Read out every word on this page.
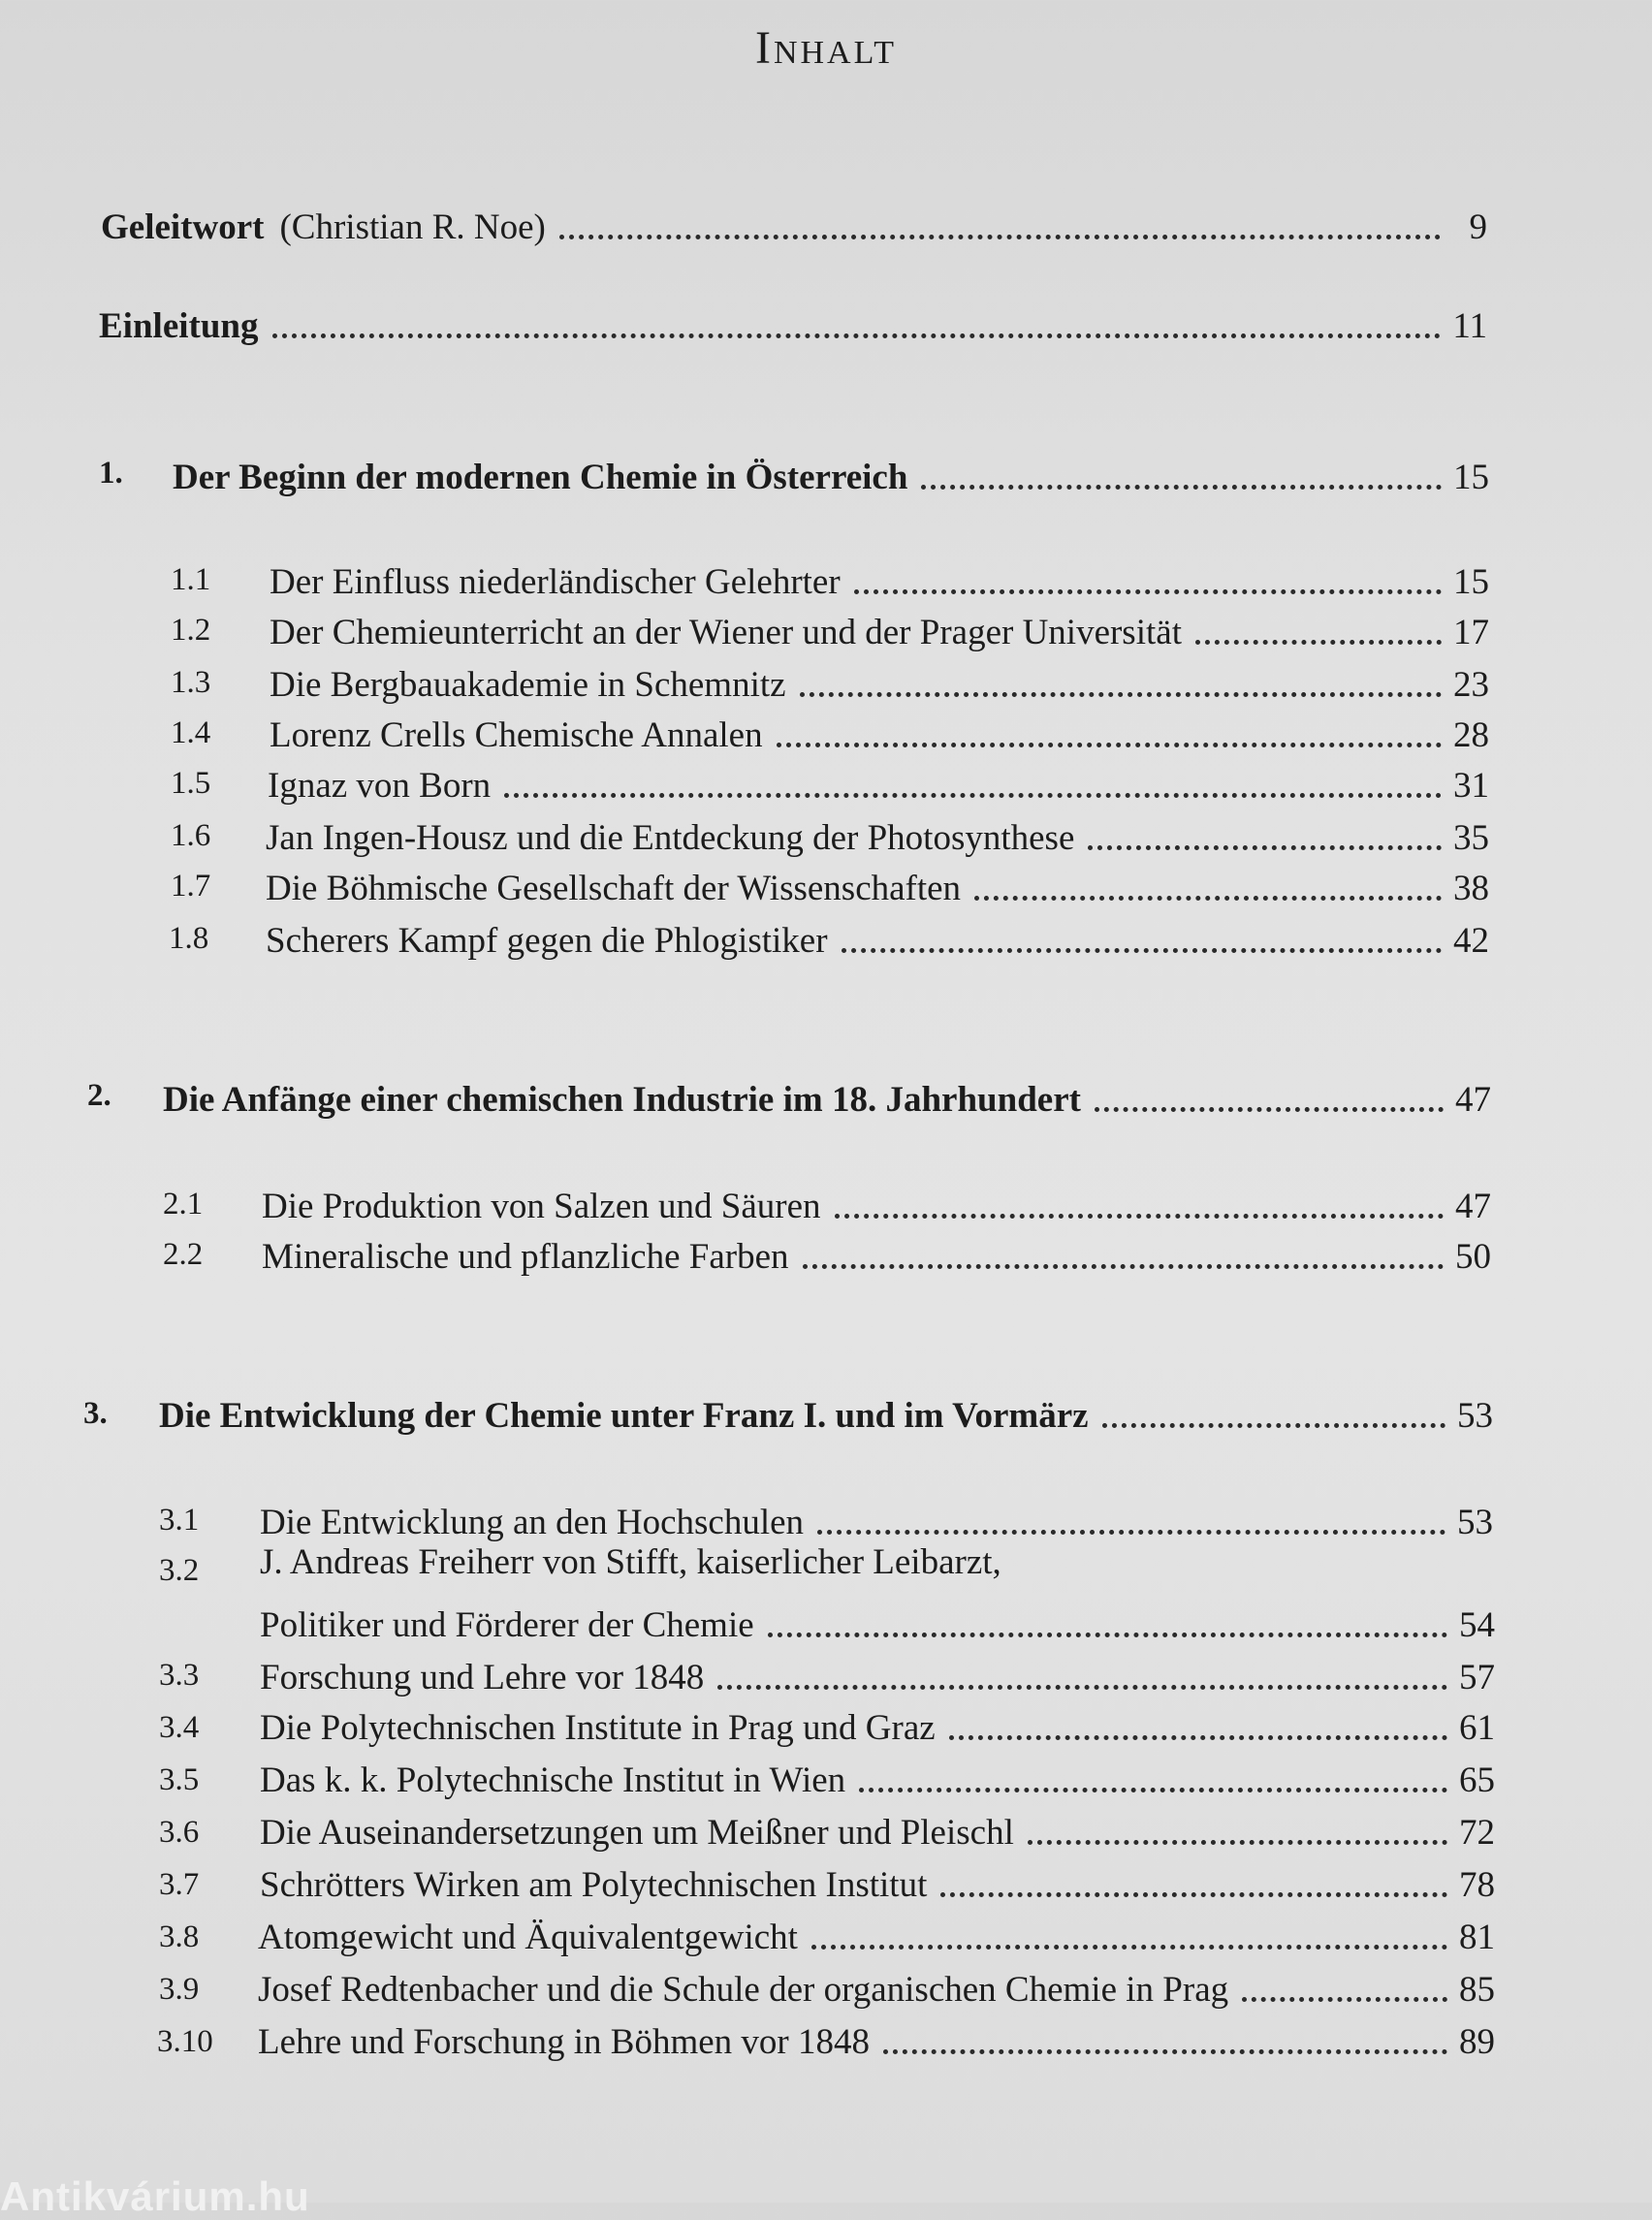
Inhalt
Geleitwort (Christian R. Noe)	9
Einleitung	11
1. Der Beginn der modernen Chemie in Österreich	15
1.1 Der Einfluss niederländischer Gelehrter	15
1.2 Der Chemieunterricht an der Wiener und der Prager Universität	17
1.3 Die Bergbauakademie in Schemnitz	23
1.4 Lorenz Crells Chemische Annalen	28
1.5 Ignaz von Born	31
1.6 Jan Ingen-Housz und die Entdeckung der Photosynthese	35
1.7 Die Böhmische Gesellschaft der Wissenschaften	38
1.8 Scherers Kampf gegen die Phlogistiker	42
2. Die Anfänge einer chemischen Industrie im 18. Jahrhundert	47
2.1 Die Produktion von Salzen und Säuren	47
2.2 Mineralische und pflanzliche Farben	50
3. Die Entwicklung der Chemie unter Franz I. und im Vormärz	53
3.1 Die Entwicklung an den Hochschulen	53
3.2 J. Andreas Freiherr von Stifft, kaiserlicher Leibarzt,
Politiker und Förderer der Chemie	54
3.3 Forschung und Lehre vor 1848	57
3.4 Die Polytechnischen Institute in Prag und Graz	61
3.5 Das k. k. Polytechnische Institut in Wien	65
3.6 Die Auseinandersetzungen um Meißner und Pleischl	72
3.7 Schrötters Wirken am Polytechnischen Institut	78
3.8 Atomgewicht und Äquivalentgewicht	81
3.9 Josef Redtenbacher und die Schule der organischen Chemie in Prag	85
3.10 Lehre und Forschung in Böhmen vor 1848	89
Antikvárium.hu
